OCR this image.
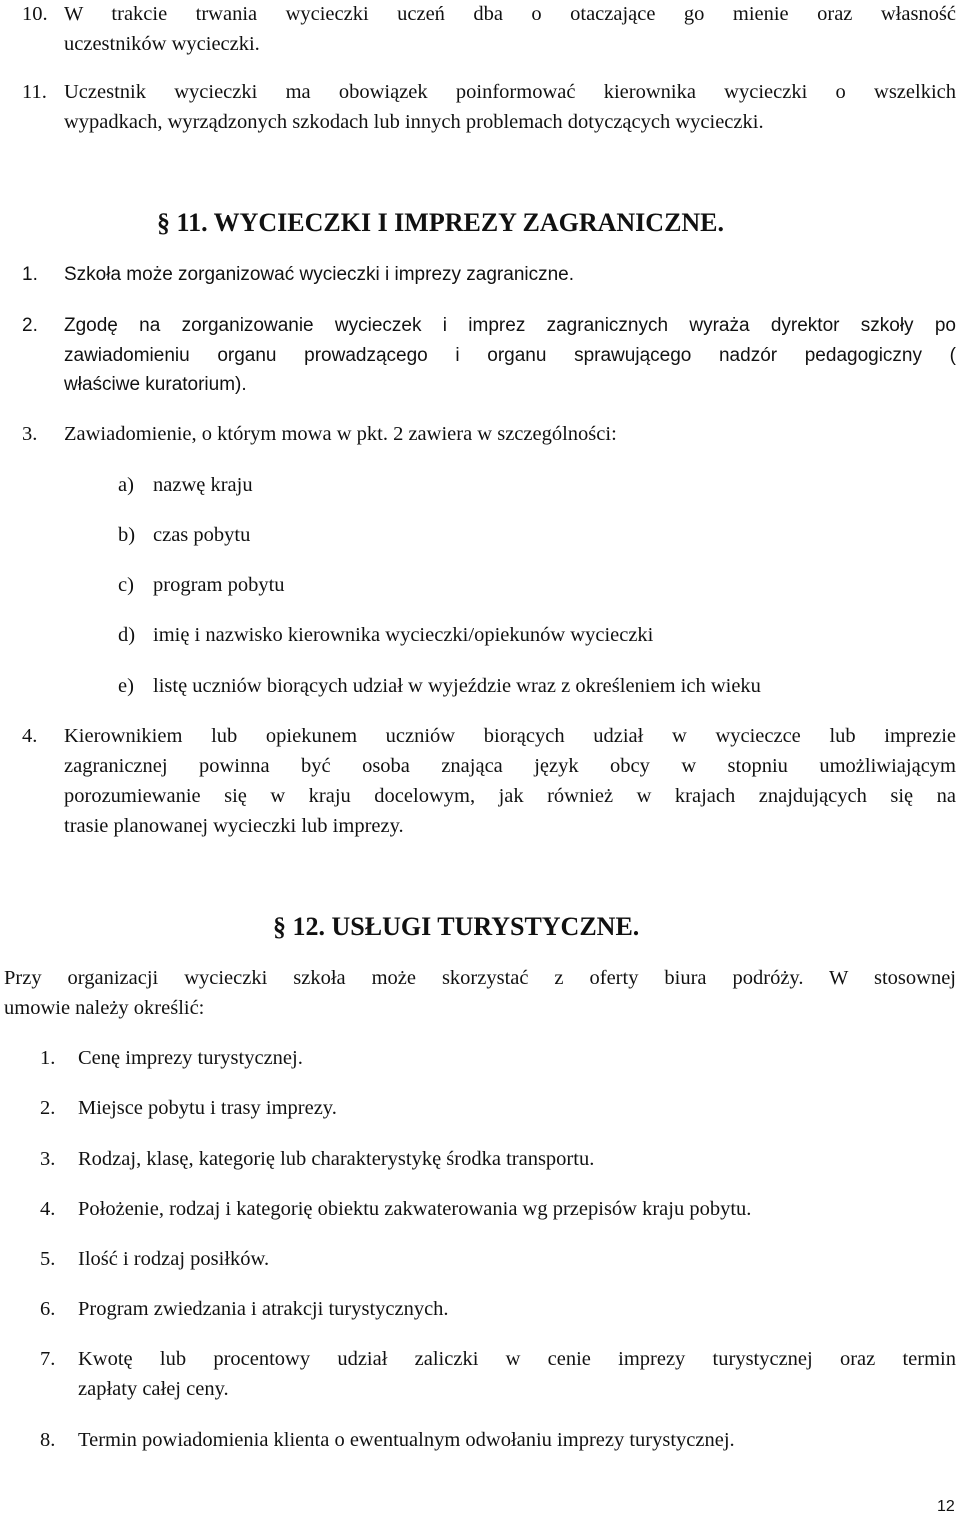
10. W trakcie trwania wycieczki uczeń dba o otaczające go mienie oraz własność
uczestników wycieczki.
11. Uczestnik wycieczki ma obowiązek poinformować kierownika wycieczki o wszelkich
wypadkach, wyrządzonych szkodach lub innych problemach dotyczących wycieczki.
§ 11. WYCIECZKI I IMPREZY ZAGRANICZNE.
1. Szkoła może zorganizować wycieczki i imprezy zagraniczne.
2. Zgodę na zorganizowanie wycieczek i imprez zagranicznych wyraża dyrektor szkoły po
zawiadomieniu organu prowadzącego i organu sprawującego nadzór pedagogiczny (
właściwe kuratorium).
3. Zawiadomienie, o którym mowa w pkt. 2 zawiera w szczególności:
a) nazwę kraju
b) czas pobytu
c) program pobytu
d) imię i nazwisko kierownika wycieczki/opiekunów wycieczki
e) listę uczniów biorących udział w wyjeździe wraz z określeniem ich wieku
4. Kierownikiem lub opiekunem uczniów biorących udział w wycieczce lub imprezie
zagranicznej powinna być osoba znająca język obcy w stopniu umożliwiającym
porozumiewanie się w kraju docelowym, jak również w krajach znajdujących się na
trasie planowanej wycieczki lub imprezy.
§ 12. USŁUGI TURYSTYCZNE.
Przy organizacji wycieczki szkoła może skorzystać z oferty biura podróży. W stosownej
umowie należy określić:
1. Cenę imprezy turystycznej.
2. Miejsce pobytu i trasy imprezy.
3. Rodzaj, klasę, kategorię lub charakterystykę środka transportu.
4. Położenie, rodzaj i kategorię obiektu zakwaterowania wg przepisów kraju pobytu.
5. Ilość i rodzaj posiłków.
6. Program zwiedzania i atrakcji turystycznych.
7. Kwotę lub procentowy udział zaliczki w cenie imprezy turystycznej oraz termin
zapłaty całej ceny.
8. Termin powiadomienia klienta o ewentualnym odwołaniu imprezy turystycznej.
12
